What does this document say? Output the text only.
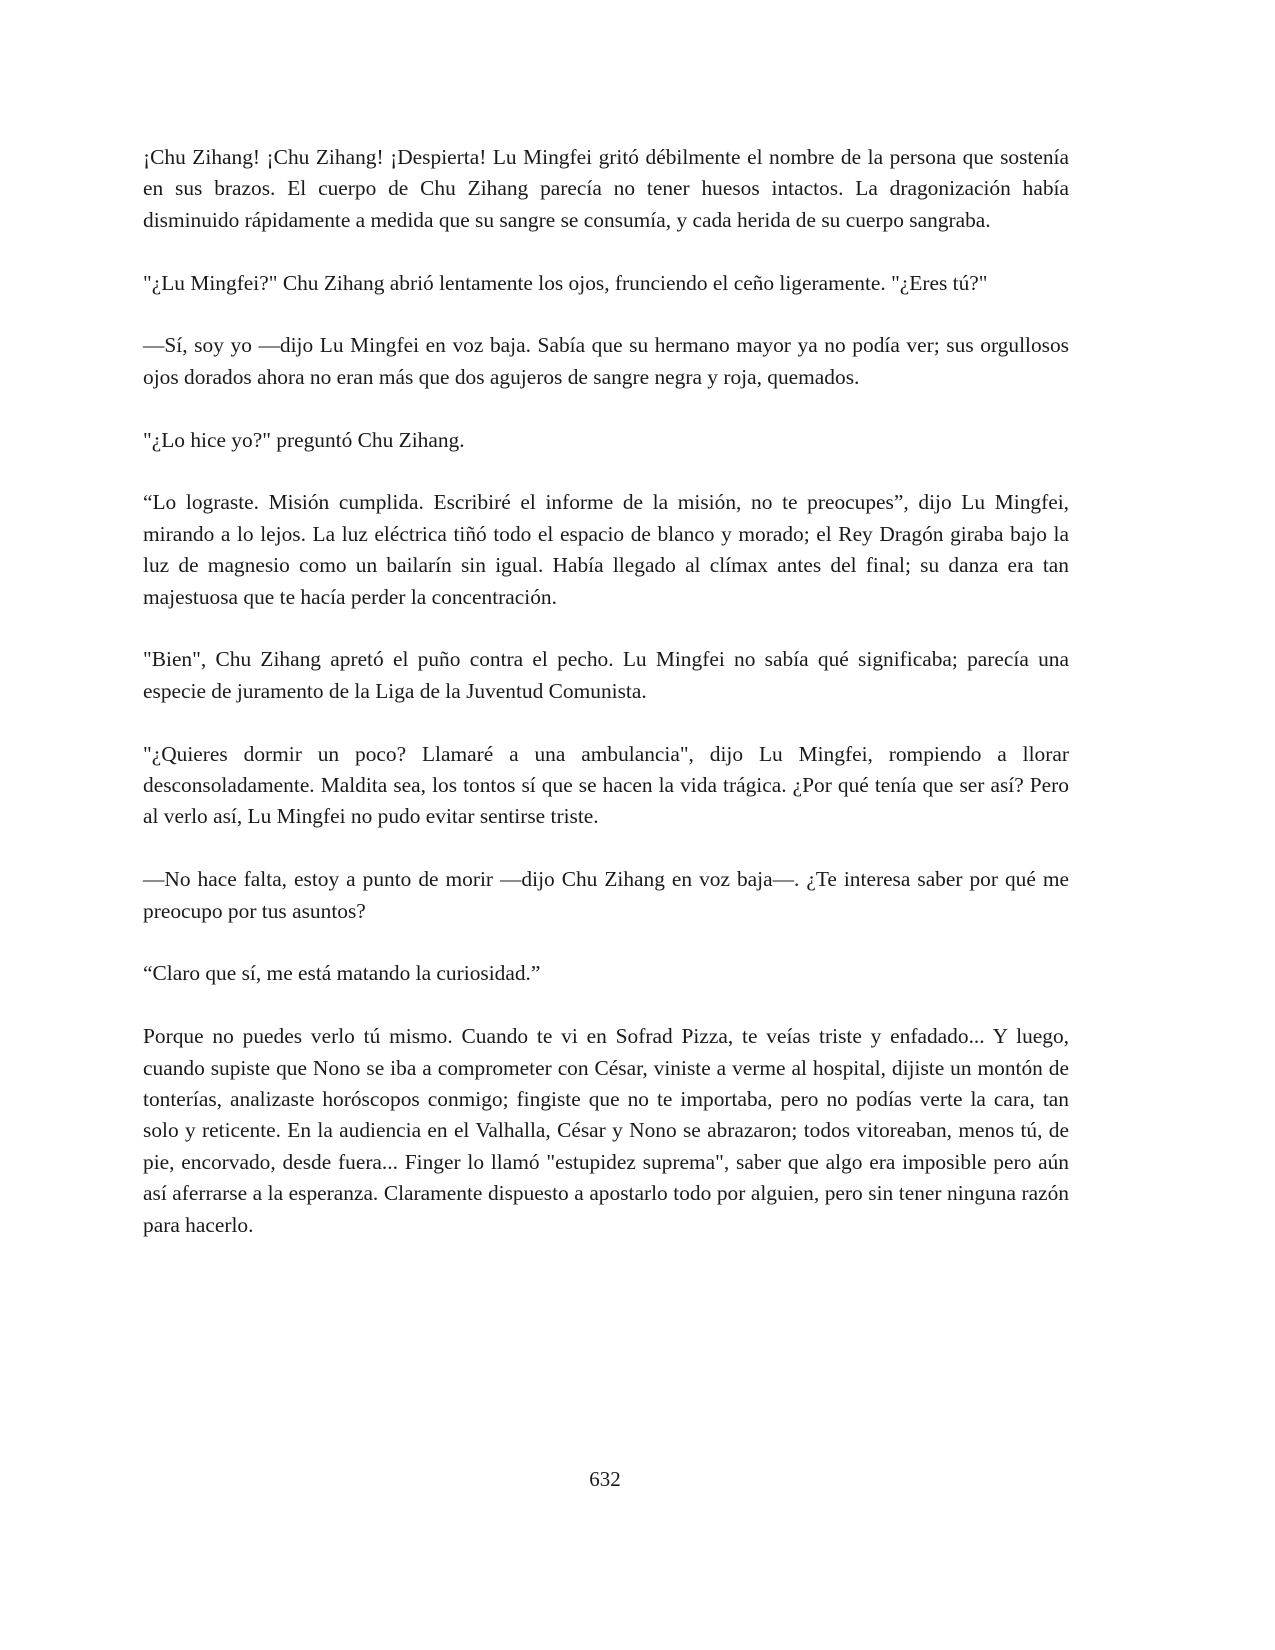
¡Chu Zihang! ¡Chu Zihang! ¡Despierta! Lu Mingfei gritó débilmente el nombre de la persona que sostenía en sus brazos. El cuerpo de Chu Zihang parecía no tener huesos intactos. La dragonización había disminuido rápidamente a medida que su sangre se consumía, y cada herida de su cuerpo sangraba.

"¿Lu Mingfei?" Chu Zihang abrió lentamente los ojos, frunciendo el ceño ligeramente. "¿Eres tú?"

—Sí, soy yo —dijo Lu Mingfei en voz baja. Sabía que su hermano mayor ya no podía ver; sus orgullosos ojos dorados ahora no eran más que dos agujeros de sangre negra y roja, quemados.

"¿Lo hice yo?" preguntó Chu Zihang.

“Lo lograste. Misión cumplida. Escribiré el informe de la misión, no te preocupes”, dijo Lu Mingfei, mirando a lo lejos. La luz eléctrica tiñó todo el espacio de blanco y morado; el Rey Dragón giraba bajo la luz de magnesio como un bailarín sin igual. Había llegado al clímax antes del final; su danza era tan majestuosa que te hacía perder la concentración.

"Bien", Chu Zihang apretó el puño contra el pecho. Lu Mingfei no sabía qué significaba; parecía una especie de juramento de la Liga de la Juventud Comunista.

"¿Quieres dormir un poco? Llamaré a una ambulancia", dijo Lu Mingfei, rompiendo a llorar desconsoladamente. Maldita sea, los tontos sí que se hacen la vida trágica. ¿Por qué tenía que ser así? Pero al verlo así, Lu Mingfei no pudo evitar sentirse triste.

—No hace falta, estoy a punto de morir —dijo Chu Zihang en voz baja—. ¿Te interesa saber por qué me preocupo por tus asuntos?

“Claro que sí, me está matando la curiosidad.”

Porque no puedes verlo tú mismo. Cuando te vi en Sofrad Pizza, te veías triste y enfadado... Y luego, cuando supiste que Nono se iba a comprometer con César, viniste a verme al hospital, dijiste un montón de tonterías, analizaste horóscopos conmigo; fingiste que no te importaba, pero no podías verte la cara, tan solo y reticente. En la audiencia en el Valhalla, César y Nono se abrazaron; todos vitoreaban, menos tú, de pie, encorvado, desde fuera... Finger lo llamó "estupidez suprema", saber que algo era imposible pero aún así aferrarse a la esperanza. Claramente dispuesto a apostarlo todo por alguien, pero sin tener ninguna razón para hacerlo.

632
